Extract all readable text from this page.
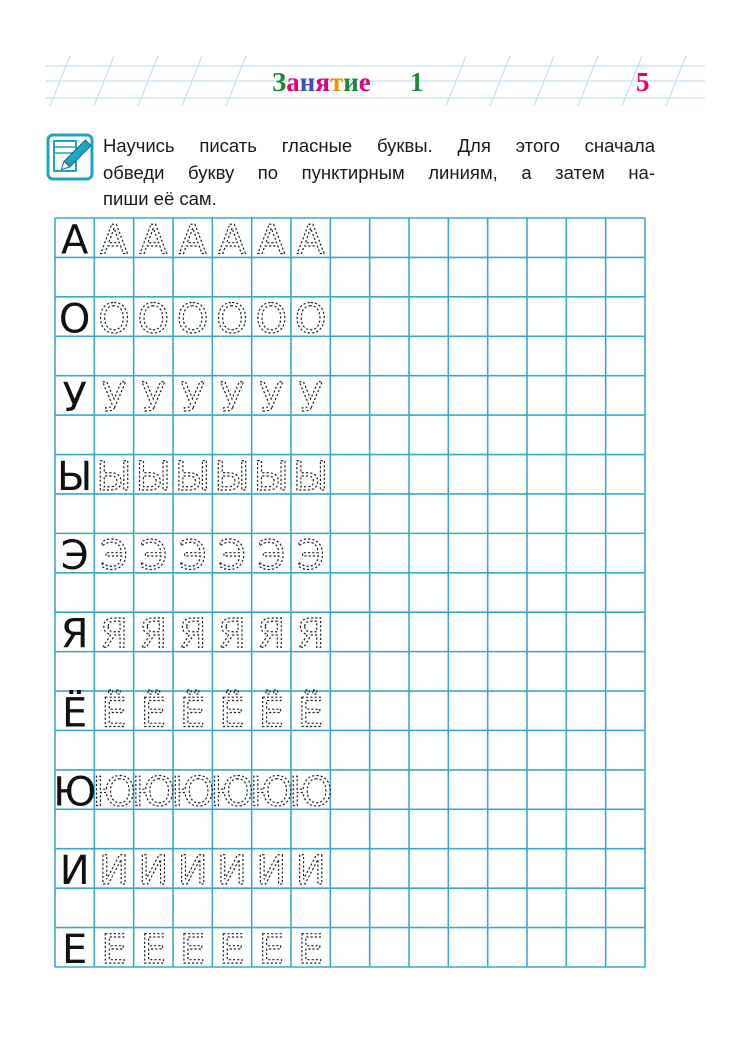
Занятие 1	5

Научись писать гласные буквы. Для этого сначала
обведи букву по пунктирным линиям, а затем на-
пиши её сам.

А А А А А А А
О О О О О О О
У У У У У У У
Ы Ы Ы Ы Ы Ы Ы
Э Э Э Э Э Э Э
Я Я Я Я Я Я Я
Ё Ё Ё Ё Ё Ё Ё
Ю
Ю
Ю
Ю
Ю
Ю
Ю
И И И И И И И
Е Е Е Е Е Е Е
